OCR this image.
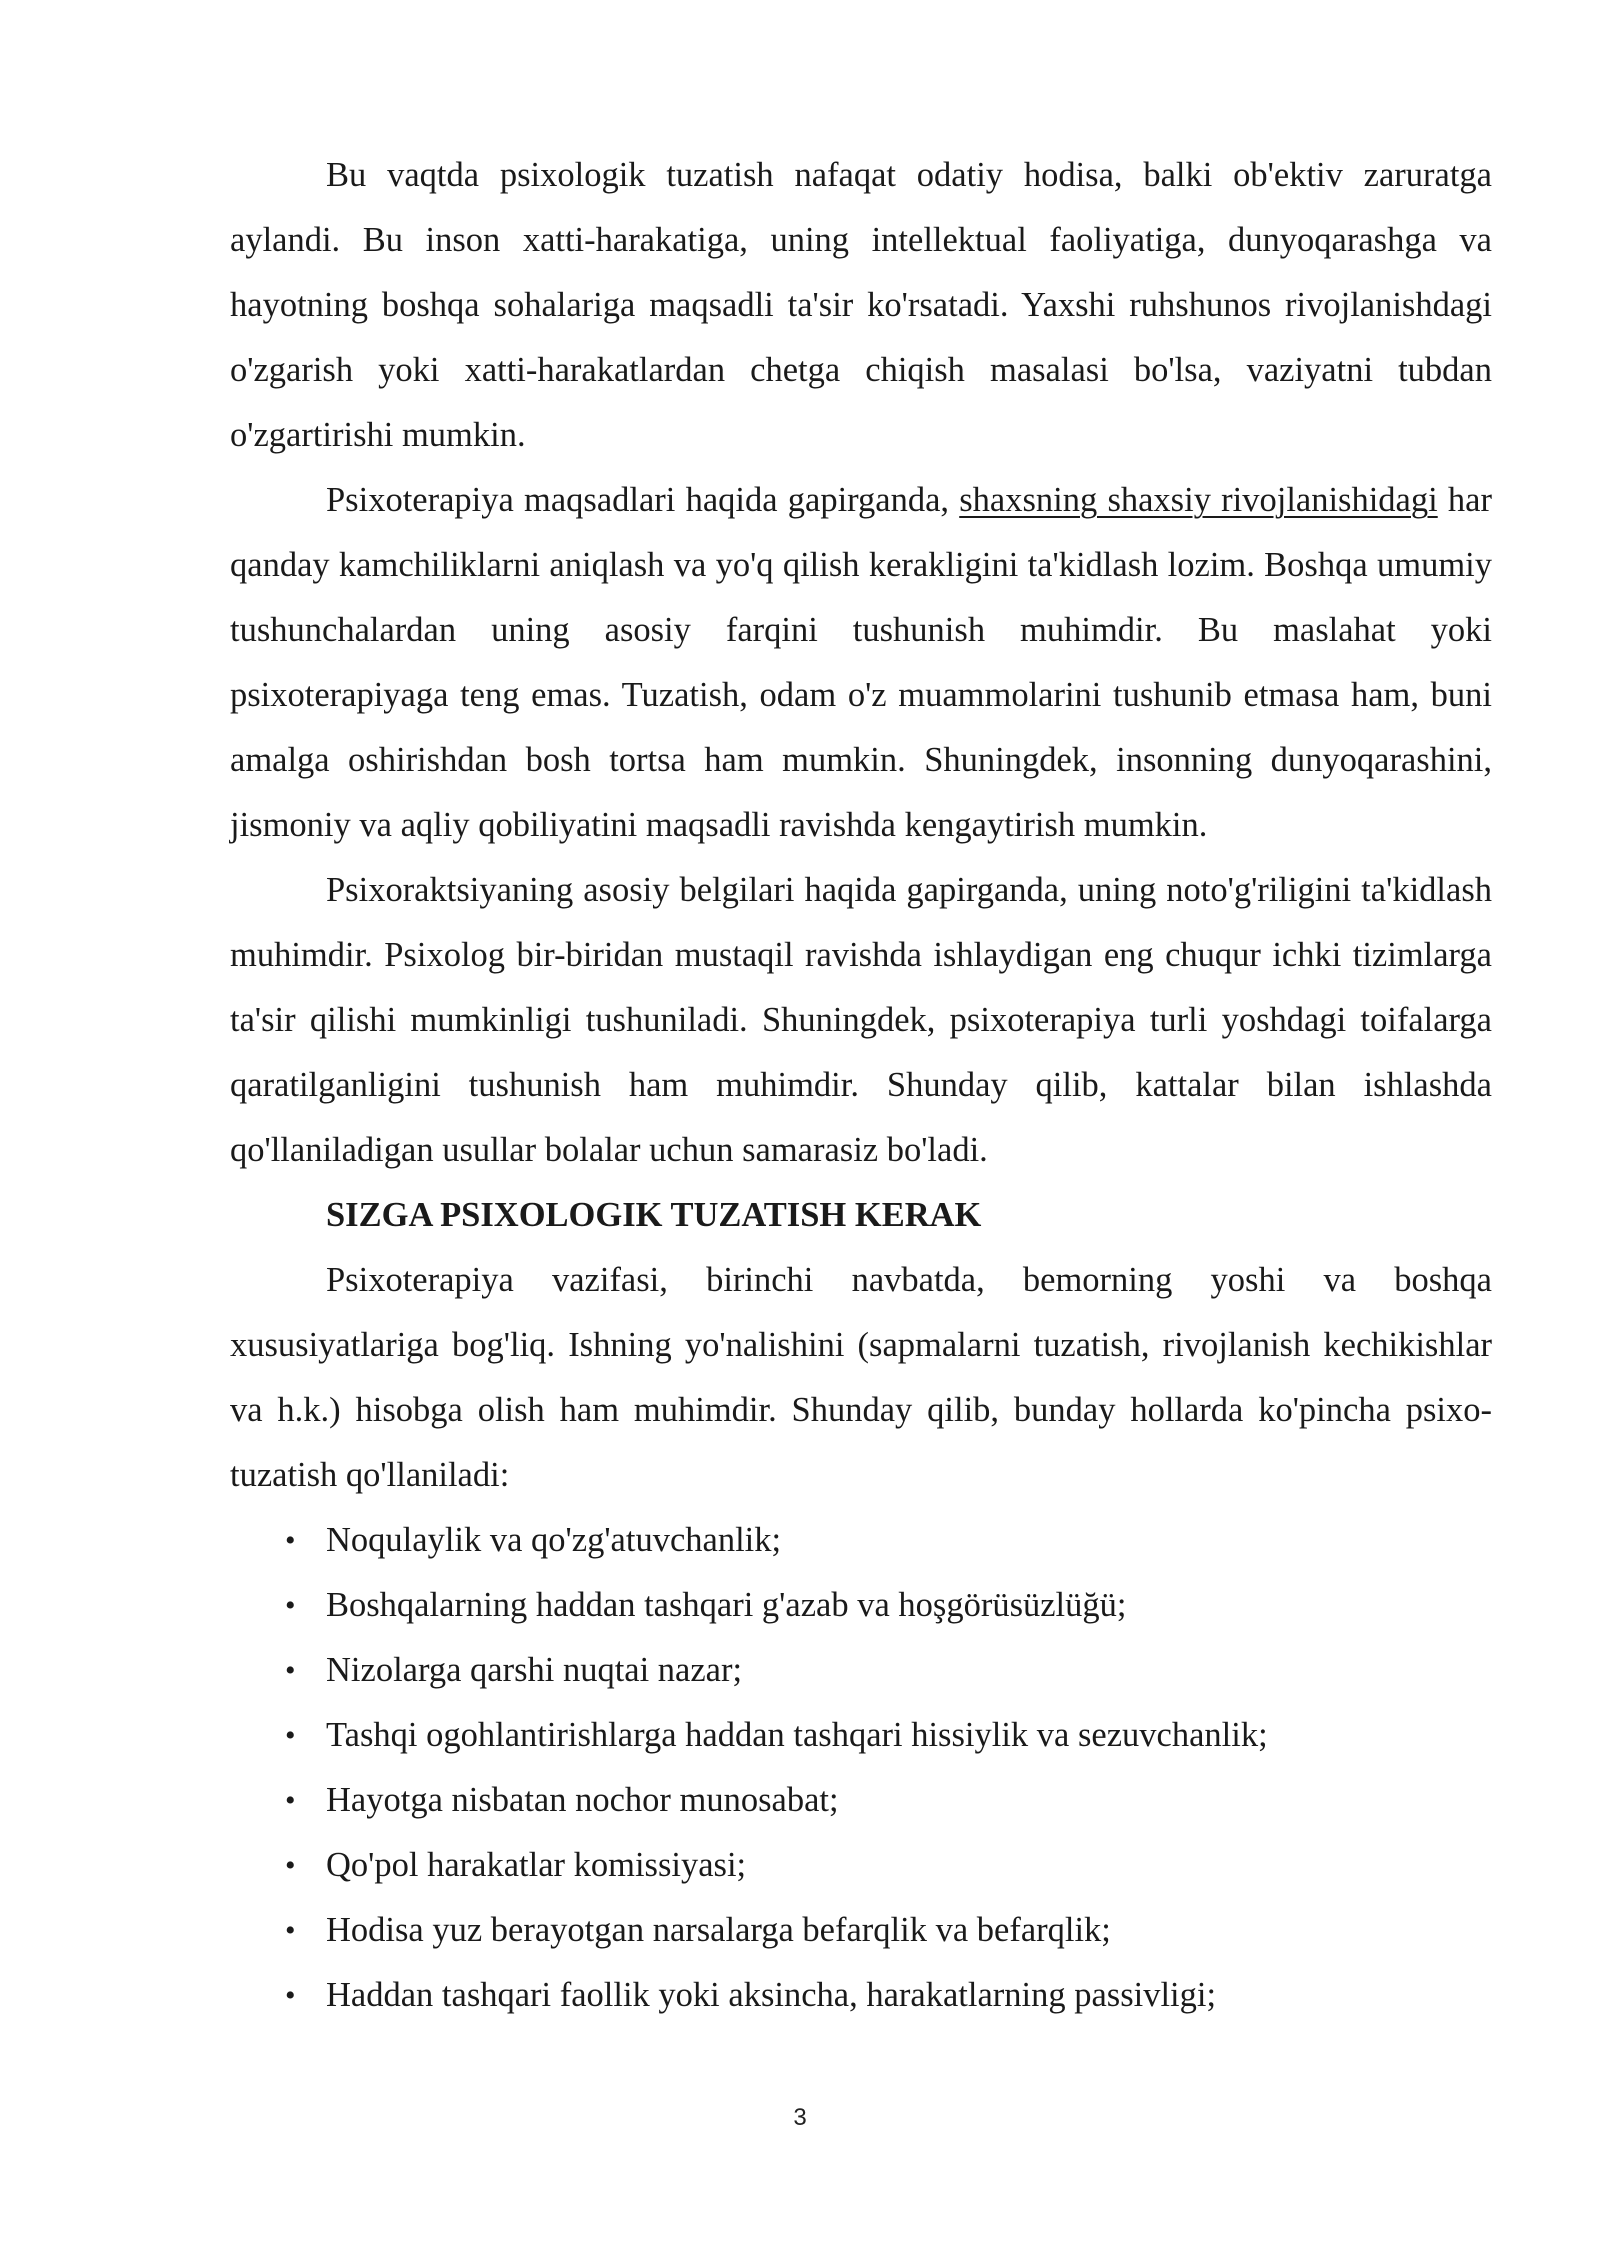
Bu vaqtda psixologik tuzatish nafaqat odatiy hodisa, balki ob'ektiv zaruratga aylandi. Bu inson xatti-harakatiga, uning intellektual faoliyatiga, dunyoqarashga va hayotning boshqa sohalariga maqsadli ta'sir ko'rsatadi. Yaxshi ruhshunos rivojlanishdagi o'zgarish yoki xatti-harakatlardan chetga chiqish masalasi bo'lsa, vaziyatni tubdan o'zgartirishi mumkin.

Psixoterapiya maqsadlari haqida gapirganda, shaxsning shaxsiy rivojlanishidagi har qanday kamchiliklarni aniqlash va yo'q qilish kerakligini ta'kidlash lozim. Boshqa umumiy tushunchalardan uning asosiy farqini tushunish muhimdir. Bu maslahat yoki psixoterapiyaga teng emas. Tuzatish, odam o'z muammolarini tushunib etmasa ham, buni amalga oshirishdan bosh tortsa ham mumkin. Shuningdek, insonning dunyoqarashini, jismoniy va aqliy qobiliyatini maqsadli ravishda kengaytirish mumkin.

Psixoraktsiyaning asosiy belgilari haqida gapirganda, uning noto'g'riligini ta'kidlash muhimdir. Psixolog bir-biridan mustaqil ravishda ishlaydigan eng chuqur ichki tizimlarga ta'sir qilishi mumkinligi tushuniladi. Shuningdek, psixoterapiya turli yoshdagi toifalarga qaratilganligini tushunish ham muhimdir. Shunday qilib, kattalar bilan ishlashda qo'llaniladigan usullar bolalar uchun samarasiz bo'ladi.

SIZGA PSIXOLOGIK TUZATISH KERAK

Psixoterapiya vazifasi, birinchi navbatda, bemorning yoshi va boshqa xususiyatlariga bog'liq. Ishning yo'nalishini (sapmalarni tuzatish, rivojlanish kechikishlar va h.k.) hisobga olish ham muhimdir. Shunday qilib, bunday hollarda ko'pincha psixo-tuzatish qo'llaniladi:

• Noqulaylik va qo'zg'atuvchanlik;
• Boshqalarning haddan tashqari g'azab va hoşgörüsüzlüğü;
• Nizolarga qarshi nuqtai nazar;
• Tashqi ogohlantirishlarga haddan tashqari hissiylik va sezuvchanlik;
• Hayotga nisbatan nochor munosabat;
• Qo'pol harakatlar komissiyasi;
• Hodisa yuz berayotgan narsalarga befarqlik va befarqlik;
• Haddan tashqari faollik yoki aksincha, harakatlarning passivligi;
3
